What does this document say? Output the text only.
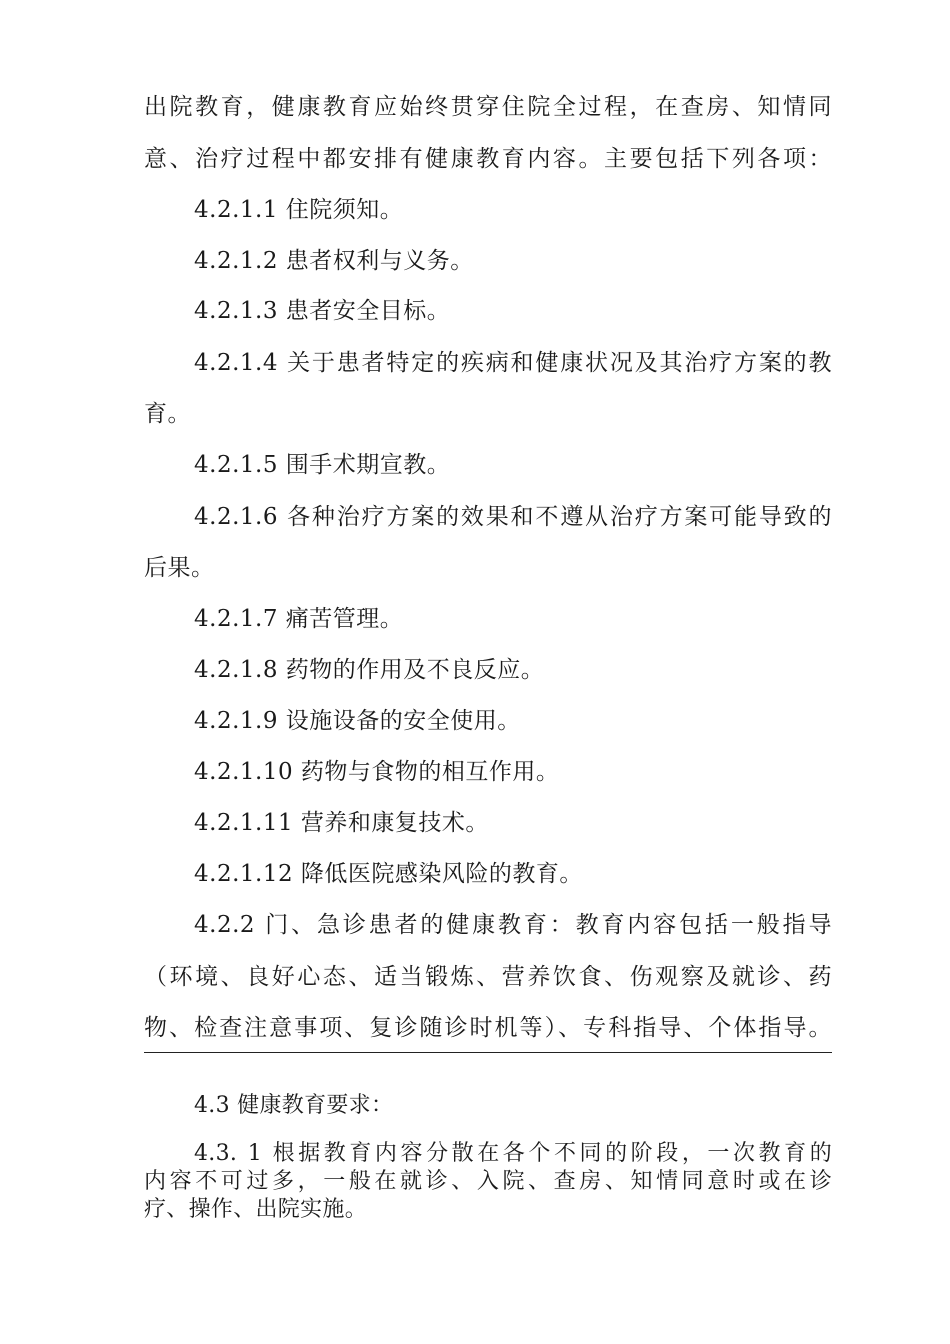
出院教育，健康教育应始终贯穿住院全过程，在查房、知情同

意、治疗过程中都安排有健康教育内容。主要包括下列各项：

4.2.1.1 住院须知。

4.2.1.2 患者权利与义务。

4.2.1.3 患者安全目标。

4.2.1.4 关于患者特定的疾病和健康状况及其治疗方案的教

育。

4.2.1.5 围手术期宣教。

4.2.1.6 各种治疗方案的效果和不遵从治疗方案可能导致的

后果。

4.2.1.7 痛苦管理。

4.2.1.8 药物的作用及不良反应。

4.2.1.9 设施设备的安全使用。

4.2.1.10 药物与食物的相互作用。

4.2.1.11 营养和康复技术。

4.2.1.12 降低医院感染风险的教育。

4.2.2 门、急诊患者的健康教育：教育内容包括一般指导

（环境、良好心态、适当锻炼、营养饮食、伤观察及就诊、药

物、检查注意事项、复诊随诊时机等）、专科指导、个体指导。

4.3 健康教育要求：

4.3. 1 根据教育内容分散在各个不同的阶段，一次教育的

内容不可过多，一般在就诊、入院、查房、知情同意时或在诊

疗、操作、出院实施。
